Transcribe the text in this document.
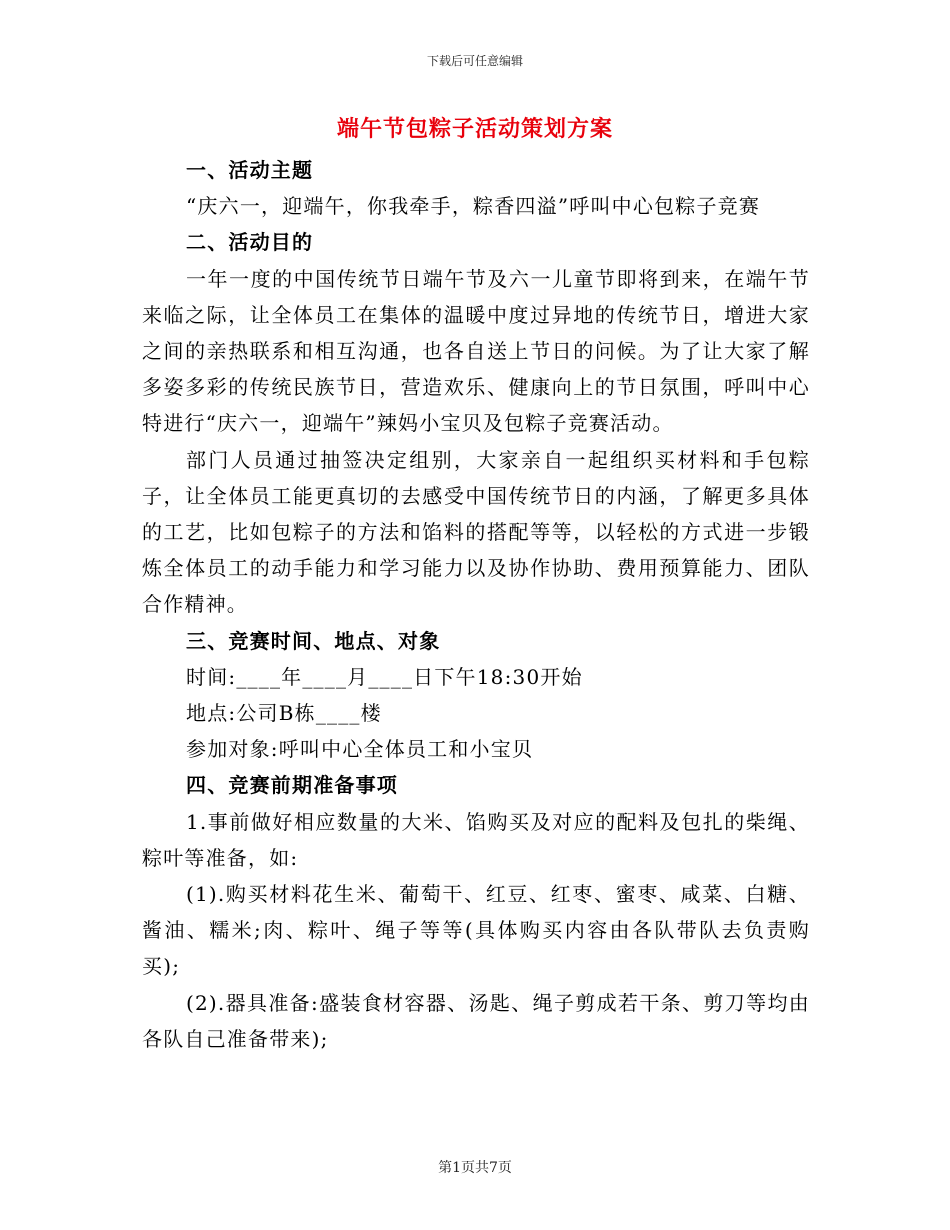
下载后可任意编辑
端午节包粽子活动策划方案

一、活动主题

“庆六一，迎端午，你我牵手，粽香四溢”呼叫中心包粽子竞赛

二、活动目的

一年一度的中国传统节日端午节及六一儿童节即将到来，在端午节来临之际，让全体员工在集体的温暖中度过异地的传统节日，增进大家之间的亲热联系和相互沟通，也各自送上节日的问候。为了让大家了解多姿多彩的传统民族节日，营造欢乐、健康向上的节日氛围，呼叫中心特进行“庆六一，迎端午”辣妈小宝贝及包粽子竞赛活动。

部门人员通过抽签决定组别，大家亲自一起组织买材料和手包粽子，让全体员工能更真切的去感受中国传统节日的内涵，了解更多具体的工艺，比如包粽子的方法和馅料的搭配等等，以轻松的方式进一步锻炼全体员工的动手能力和学习能力以及协作协助、费用预算能力、团队合作精神。

三、竞赛时间、地点、对象

时间:____年____月____日下午18:30开始

地点:公司B栋____楼

参加对象:呼叫中心全体员工和小宝贝

四、竞赛前期准备事项

1.事前做好相应数量的大米、馅购买及对应的配料及包扎的柴绳、粽叶等准备，如:

(1).购买材料花生米、葡萄干、红豆、红枣、蜜枣、咸菜、白糖、酱油、糯米;肉、粽叶、绳子等等(具体购买内容由各队带队去负责购买);

(2).器具准备:盛装食材容器、汤匙、绳子剪成若干条、剪刀等均由各队自己准备带来);

第1页共7页
